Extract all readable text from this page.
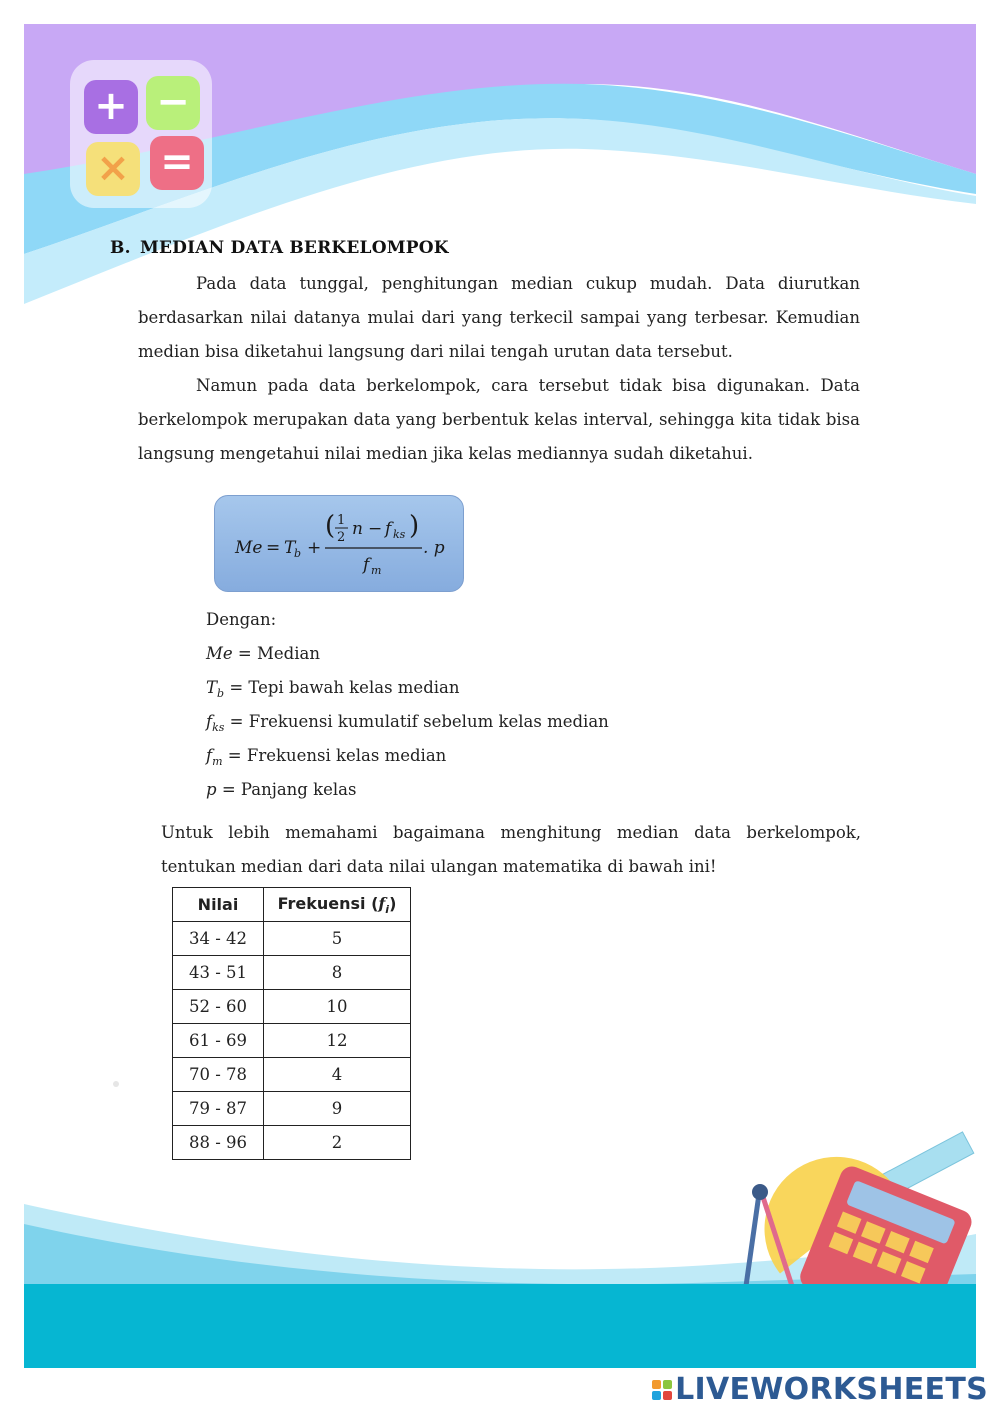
+ −
× =
B. MEDIAN DATA BERKELOMPOK

Pada data tunggal, penghitungan median cukup mudah. Data diurutkan berdasarkan nilai datanya mulai dari yang terkecil sampai yang terbesar. Kemudian median bisa diketahui langsung dari nilai tengah urutan data tersebut.

Namun pada data berkelompok, cara tersebut tidak bisa digunakan. Data berkelompok merupakan data yang berbentuk kelas interval, sehingga kita tidak bisa langsung mengetahui nilai median jika kelas mediannya sudah diketahui.

Me = T
b +
( 1
2 n − f ks )
f m
. p
Dengan:
Me = Median
$T_b$ = Tepi bawah kelas median
$f_{ks}$ = Frekuensi kumulatif sebelum kelas median
$f_m$ = Frekuensi kelas median
p = Panjang kelas

Untuk lebih memahami bagaimana menghitung median data berkelompok, tentukan median dari data nilai ulangan matematika di bawah ini!

Nilai	Frekuensi $(f_i)$
34 - 42	5
43 - 51	8
52 - 60	10
61 - 69	12
70 - 78	4
79 - 87	9
88 - 96	2
LIVEWORKSHEETS
